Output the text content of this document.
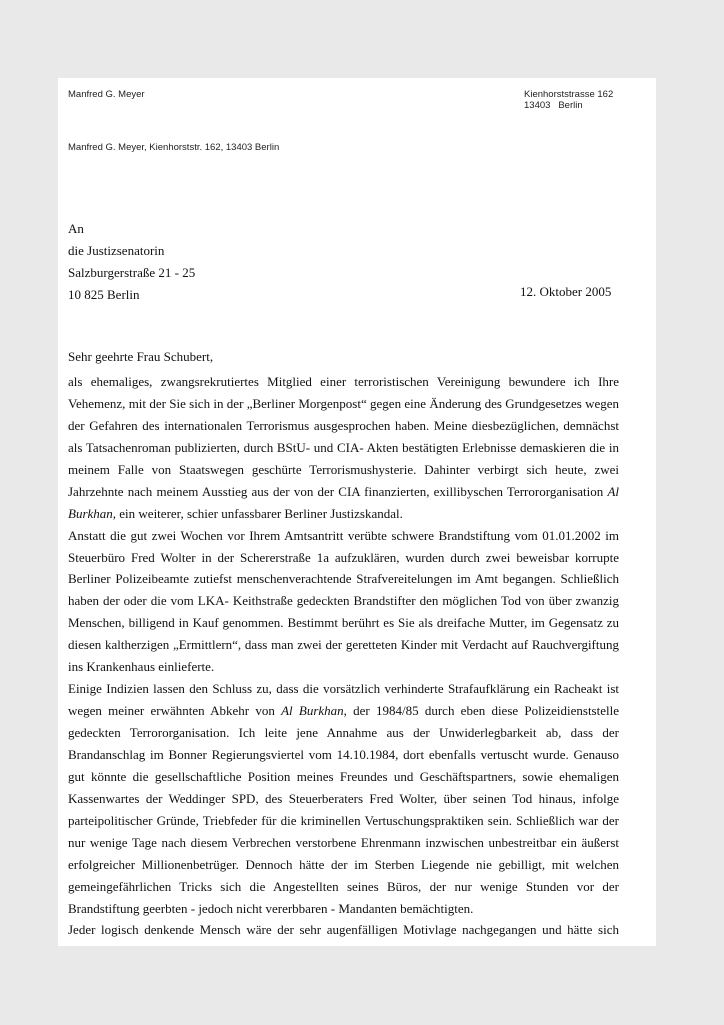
Manfred G. Meyer	Kienhorststrasse 162
13403   Berlin
Manfred G. Meyer, Kienhorststr. 162, 13403 Berlin
An
die Justizsenatorin
Salzburgerstraße 21 - 25
10 825 Berlin	12. Oktober 2005
Sehr geehrte Frau Schubert,
als ehemaliges, zwangsrekrutiertes Mitglied einer terroristischen Vereinigung bewundere ich Ihre
Vehemenz, mit der Sie sich in der „Berliner Morgenpost“ gegen eine Änderung des Grundgesetzes wegen
der Gefahren des internationalen Terrorismus ausgesprochen haben. Meine diesbezüglichen, demnächst
als Tatsachenroman publizierten, durch BStU- und CIA- Akten bestätigten Erlebnisse demaskieren die in
meinem Falle von Staatswegen geschürte Terrorismushysterie. Dahinter verbirgt sich heute, zwei
Jahrzehnte nach meinem Ausstieg aus der von der CIA finanzierten, exillibyschen Terrororganisation Al
Burkhan, ein weiterer, schier unfassbarer Berliner Justizskandal.
Anstatt die gut zwei Wochen vor Ihrem Amtsantritt verübte schwere Brandstiftung vom 01.01.2002 im
Steuerbüro Fred Wolter in der Schererstraße 1a aufzuklären, wurden durch zwei beweisbar korrupte
Berliner Polizeibeamte zutiefst menschenverachtende Strafvereitelungen im Amt begangen. Schließlich
haben der oder die vom LKA- Keithstraße gedeckten Brandstifter den möglichen Tod von über zwanzig
Menschen, billigend in Kauf genommen. Bestimmt berührt es Sie als dreifache Mutter, im Gegensatz zu
diesen kaltherzigen „Ermittlern“, dass man zwei der geretteten Kinder mit Verdacht auf Rauchvergiftung
ins Krankenhaus einlieferte.
Einige Indizien lassen den Schluss zu, dass die vorsätzlich verhinderte Strafaufklärung ein Racheakt ist
wegen meiner erwähnten Abkehr von Al Burkhan, der 1984/85 durch eben diese Polizeidienststelle
gedeckten Terrororganisation. Ich leite jene Annahme aus der Unwiderlegbarkeit ab, dass der
Brandanschlag im Bonner Regierungsviertel vom 14.10.1984, dort ebenfalls vertuscht wurde. Genauso
gut könnte die gesellschaftliche Position meines Freundes und Geschäftspartners, sowie ehemaligen
Kassenwartes der Weddinger SPD, des Steuerberaters Fred Wolter, über seinen Tod hinaus, infolge
parteipolitischer Gründe, Triebfeder für die kriminellen Vertuschungspraktiken sein. Schließlich war der
nur wenige Tage nach diesem Verbrechen verstorbene Ehrenmann inzwischen unbestreitbar ein äußerst
erfolgreicher Millionenbetrüger. Dennoch hätte der im Sterben Liegende nie gebilligt, mit welchen
gemeingefährlichen Tricks sich die Angestellten seines Büros, der nur wenige Stunden vor der
Brandstiftung geerbten - jedoch nicht vererbbaren - Mandanten bemächtigten.
Jeder logisch denkende Mensch wäre der sehr augenfälligen Motivlage nachgegangen und hätte sich
